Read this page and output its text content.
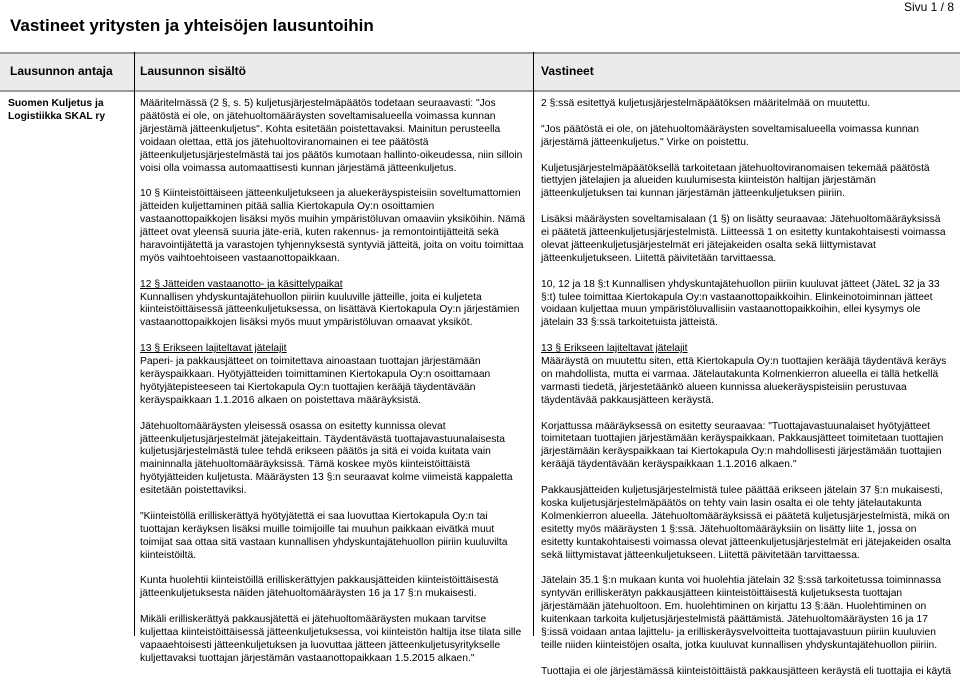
Vastineet yritysten ja yhteisöjen lausuntoihin
Sivu 1 / 8
Lausunnon antaja Lausunnon sisältö	Vastineet
Suomen Kuljetus ja Logistiikka SKAL ry

Määritelmässä (2 §, s. 5) kuljetusjärjestelmäpäätös todetaan seuraavasti: "Jos päätöstä ei ole, on jätehuoltomääräysten soveltamisalueella voimassa kunnan järjestämä jätteenkuljetus". Kohta esitetään poistettavaksi. Mainitun perusteella voidaan olettaa, että jos jätehuoltoviranomainen ei tee päätöstä jätteenkuljetusjärjestelmästä tai jos päätös kumotaan hallinto-oikeudessa, niin silloin voisi olla voimassa automaattisesti kunnan järjestämä jätteenkuljetus.

10 § Kiinteistöittäiseen jätteenkuljetukseen ja aluekeräyspisteisiin soveltumattomien jätteiden kuljettaminen pitää sallia Kiertokapula Oy:n osoittamien vastaanottopaikkojen lisäksi myös muihin ympäristöluvan omaaviin yksiköihin. Nämä jätteet ovat yleensä suuria jäte-eriä, kuten rakennus- ja remontointijätteitä sekä haravointijätettä ja varastojen tyhjennyksestä syntyviä jätteitä, joita on voitu toimittaa myös vaihtoehtoiseen vastaanottopaikkaan.

12 § Jätteiden vastaanotto- ja käsittelypaikat

Kunnallisen yhdyskuntajätehuollon piiriin kuuluville jätteille, joita ei kuljeteta kiinteistöittäisessä jätteenkuljetuksessa, on lisättävä Kiertokapula Oy:n järjestämien vastaanottopaikkojen lisäksi myös muut ympäristöluvan omaavat yksiköt.

13 § Erikseen lajiteltavat jätelajit

Paperi- ja pakkausjätteet on toimitettava ainoastaan tuottajan järjestämään keräyspaikkaan. Hyötyjätteiden toimittaminen Kiertokapula Oy:n osoittamaan hyötyjätepisteeseen tai Kiertokapula Oy:n tuottajien kerääjä täydentävään keräyspaikkaan 1.1.2016 alkaen on poistettava määräyksistä.

Jätehuoltomääräysten yleisessä osassa on esitetty kunnissa olevat jätteenkuljetusjärjestelmät jätejakeittain. Täydentävästä tuottajavastuunalaisesta kuljetusjärjestelmästä tulee tehdä erikseen päätös ja sitä ei voida kuitata vain maininnalla jätehuoltomääräyksissä. Tämä koskee myös kiinteistöittäistä hyötyjätteiden kuljetusta. Määräysten 13 §:n seuraavat kolme viimeistä kappaletta esitetään poistettaviksi.

"Kiinteistöllä erilliskerättyä hyötyjätettä ei saa luovuttaa Kiertokapula Oy:n tai tuottajan keräyksen lisäksi muille toimijoille tai muuhun paikkaan eivätkä muut toimijat saa ottaa sitä vastaan kunnallisen yhdyskuntajätehuollon piiriin kuuluvilta kiinteistöiltä.

Kunta huolehtii kiinteistöillä erilliskerättyjen pakkausjätteiden kiinteistöittäisestä jätteenkuljetuksesta näiden jätehuoltomääräysten 16 ja 17 §:n mukaisesti.

Mikäli erilliskerättyä pakkausjätettä ei jätehuoltomääräysten mukaan tarvitse kuljettaa kiinteistöittäisessä jätteenkuljetuksessa, voi kiinteistön haltija itse tilata sille vapaaehtoisesti jätteenkuljetuksen ja luovuttaa jätteen jätteenkuljetusyritykselle kuljettavaksi tuottajan järjestämän vastaanottopaikkaan 1.5.2015 alkaen."

2 §:ssä esitettyä kuljetusjärjestelmäpäätöksen määritelmää on muutettu.

"Jos päätöstä ei ole, on jätehuoltomääräysten soveltamisalueella voimassa kunnan järjestämä jätteenkuljetus." Virke on poistettu.

Kuljetusjärjestelmäpäätöksellä tarkoitetaan jätehuoltoviranomaisen tekemää päätöstä tiettyjen jätelajien ja alueiden kuulumisesta kiinteistön haltijan järjestämän jätteenkuljetuksen tai kunnan järjestämän jätteenkuljetuksen piiriin.

Lisäksi määräysten soveltamisalaan (1 §) on lisätty seuraavaa: Jätehuoltomääräyksissä ei päätetä jätteenkuljetusjärjestelmistä. Liitteessä 1 on esitetty kuntakohtaisesti voimassa olevat jätteenkuljetusjärjestelmät eri jätejakeiden osalta sekä liittymistavat jätteenkuljetukseen. Liitettä päivitetään tarvittaessa.

10, 12 ja 18 §:t Kunnallisen yhdyskuntajätehuollon piiriin kuuluvat jätteet (JäteL 32 ja 33 §:t) tulee toimittaa Kiertokapula Oy:n vastaanottopaikkoihin. Elinkeinotoiminnan jätteet voidaan kuljettaa muun ympäristöluvallisiin vastaanottopaikkoihin, ellei kysymys ole jätelain 33 §:ssä tarkoitetuista jätteistä.

13 § Erikseen lajiteltavat jätelajit

Määräystä on muutettu siten, että Kiertokapula Oy:n tuottajien kerääjä täydentävä keräys on mahdollista, mutta ei varmaa. Jätelautakunta Kolmenkierron alueella ei tällä hetkellä varmasti tiedetä, järjestetäänkö alueen kunnissa aluekeräyspisteisiin perustuvaa täydentävää pakkausjätteen keräystä.

Korjattussa määräyksessä on esitetty seuraavaa: "Tuottajavastuunalaiset hyötyjätteet toimitetaan tuottajien järjestämään keräyspaikkaan. Pakkausjätteet toimitetaan tuottajien järjestämään keräyspaikkaan tai Kiertokapula Oy:n mahdollisesti järjestämään tuottajien kerääjä täydentävään keräyspaikkaan 1.1.2016 alkaen."

Pakkausjätteiden kuljetusjärjestelmistä tulee päättää erikseen jätelain 37 §:n mukaisesti, koska kuljetusjärjestelmäpäätös on tehty vain lasin osalta ei ole tehty jätelautakunta Kolmenkierron alueella. Jätehuoltomääräyksissä ei päätetä kuljetusjärjestelmistä, mikä on esitetty myös määräysten 1 §:ssä. Jätehuoltomääräyksiin on lisätty liite 1, jossa on esitetty kuntakohtaisesti voimassa olevat jätteenkuljetusjärjestelmät eri jätejakeiden osalta sekä liittymistavat jätteenkuljetukseen. Liitettä päivitetään tarvittaessa.

Jätelain 35.1 §:n mukaan kunta voi huolehtia jätelain 32 §:ssä tarkoitetussa toiminnassa syntyvän erilliskerätyn pakkausjätteen kiinteistöittäisestä kuljetuksesta tuottajan järjestämään jätehuoltoon. Em. huolehtiminen on kirjattu 13 §:ään. Huolehtiminen on kuitenkaan tarkoita kuljetusjärjestelmistä päättämistä. Jätehuoltomääräysten 16 ja 17 §:issä voidaan antaa lajittelu- ja erilliskeräysvelvoitteita tuottajavastuun piiriin kuuluvien teille niiden kiinteistöjen osalta, jotka kuuluvat kunnallisen yhdyskuntajätehuollon piiriin.

Tuottajia ei ole järjestämässä kiinteistöittäistä pakkausjätteen keräystä eli tuottajia ei käytä
